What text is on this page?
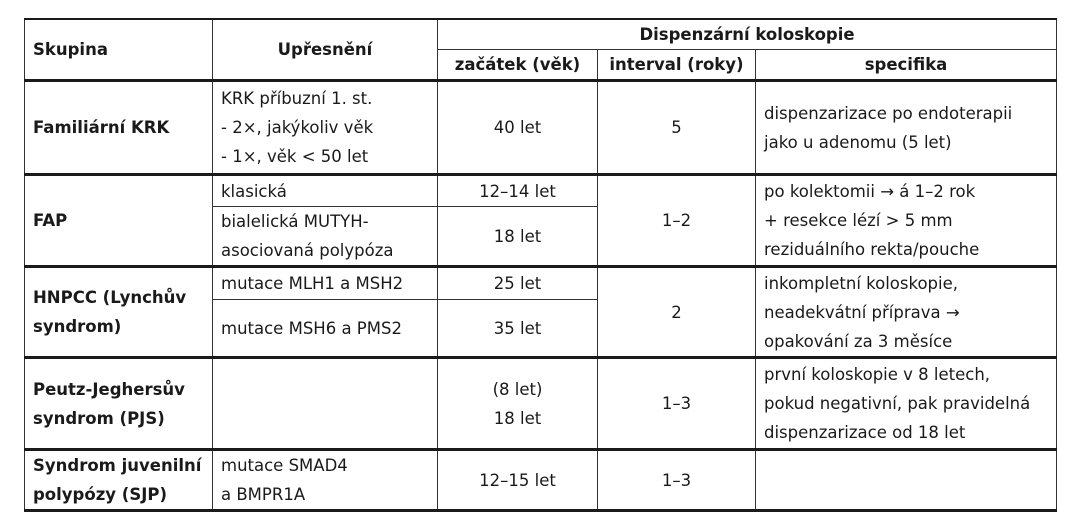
Skupina	Upřesnění	Dispenzární koloskopie		
		začátek (věk)	interval (roky)	specifika
Familiární KRK	KRK příbuzní 1. st.
- 2×, jakýkoliv věk
- 1×, věk < 50 let	40 let	5	dispenzarizace po endoterapii
jako u adenomu (5 let)

FAP	klasická	12–14 let	1–2	po kolektomii → á 1–2 rok
+ resekce lézí > 5 mm
reziduálního rekta/pouche

	bialelická MUTYH-
asociovaná polypóza	18 let		

HNPCC (Lynchův
syndrom)	mutace MLH1 a MSH2	25 let	2	inkompletní koloskopie,
neadekvátní příprava →
opakování za 3 měsíce

	mutace MSH6 a PMS2	35 let		

Peutz-Jeghersův
syndrom (PJS)		(8 let)
18 let	1–3	první koloskopie v 8 letech,
pokud negativní, pak pravidelná
dispenzarizace od 18 let

Syndrom juvenilní
polypózy (SJP)	mutace SMAD4
a BMPR1A	12–15 let	1–3	
